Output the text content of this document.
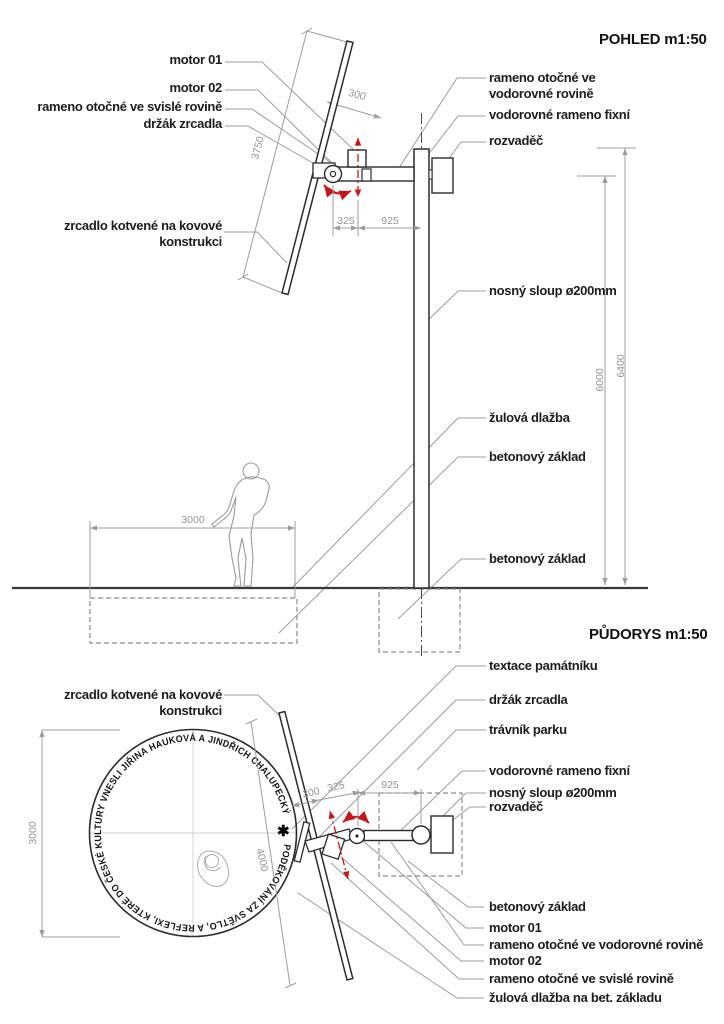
PODĚKOVÁNÍ ZA SVĚTLO, A REFLEXI, KTERÉ DO ČESKÉ KULTURY VNESLI JIŘINA HAUKOVÁ A JINDŘICH CHALUPECKÝ
POHLED m1:50
PŮDORYS m1:50
motor 01
motor 02
rameno otočné ve svislé rovině
držák zrcadla
zrcadlo kotvené na kovové
konstrukci
rameno otočné ve
vodorovné rovině
vodorovné rameno fixní
rozvaděč
nosný sloup ø200mm
žulová dlažba
betonový základ
betonový základ
300
3750
325	925
3000
6000
6400
zrcadlo kotvené na kovové
konstrukci
textace památníku
držák zrcadla
trávník parku
vodorovné rameno fixní
nosný sloup ø200mm
rozvaděč
betonový základ
motor 01
rameno otočné ve vodorovné rovině
motor 02
rameno otočné ve svislé rovině
žulová dlažba na bet. základu
3000
4000
300 325	925
✱
